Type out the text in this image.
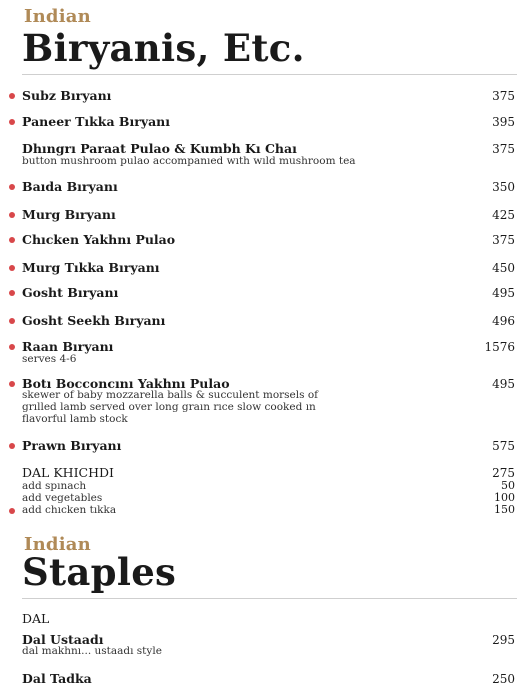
Indian
Biryanis, Etc.
Subz Bıryanı	375
Paneer Tıkka Bıryanı	395
Dhıngrı Paraat Pulao & Kumbh Kı Chaı	375
button mushroom pulao accompanıed wıth wıld mushroom tea
Baıda Bıryanı	350
Murg Bıryanı	425
Chıcken Yakhnı Pulao	375
Murg Tıkka Bıryanı	450
Gosht Bıryanı	495
Gosht Seekh Bıryanı	496
Raan Bıryanı	1576
serves 4-6
Botı Bocconcını Yakhnı Pulao	495
skewer of baby mozzarella balls & succulent morsels of
grılled lamb served over long graın rıce slow cooked ın
flavorful lamb stock
Prawn Bıryanı	575
DAL KHICHDI	275
add spınach	50
add vegetables	100
add chıcken tıkka	150
Indian
Staples
DAL
Dal Ustaadı	295
dal makhnı... ustaadı style
Dal Tadka	250
